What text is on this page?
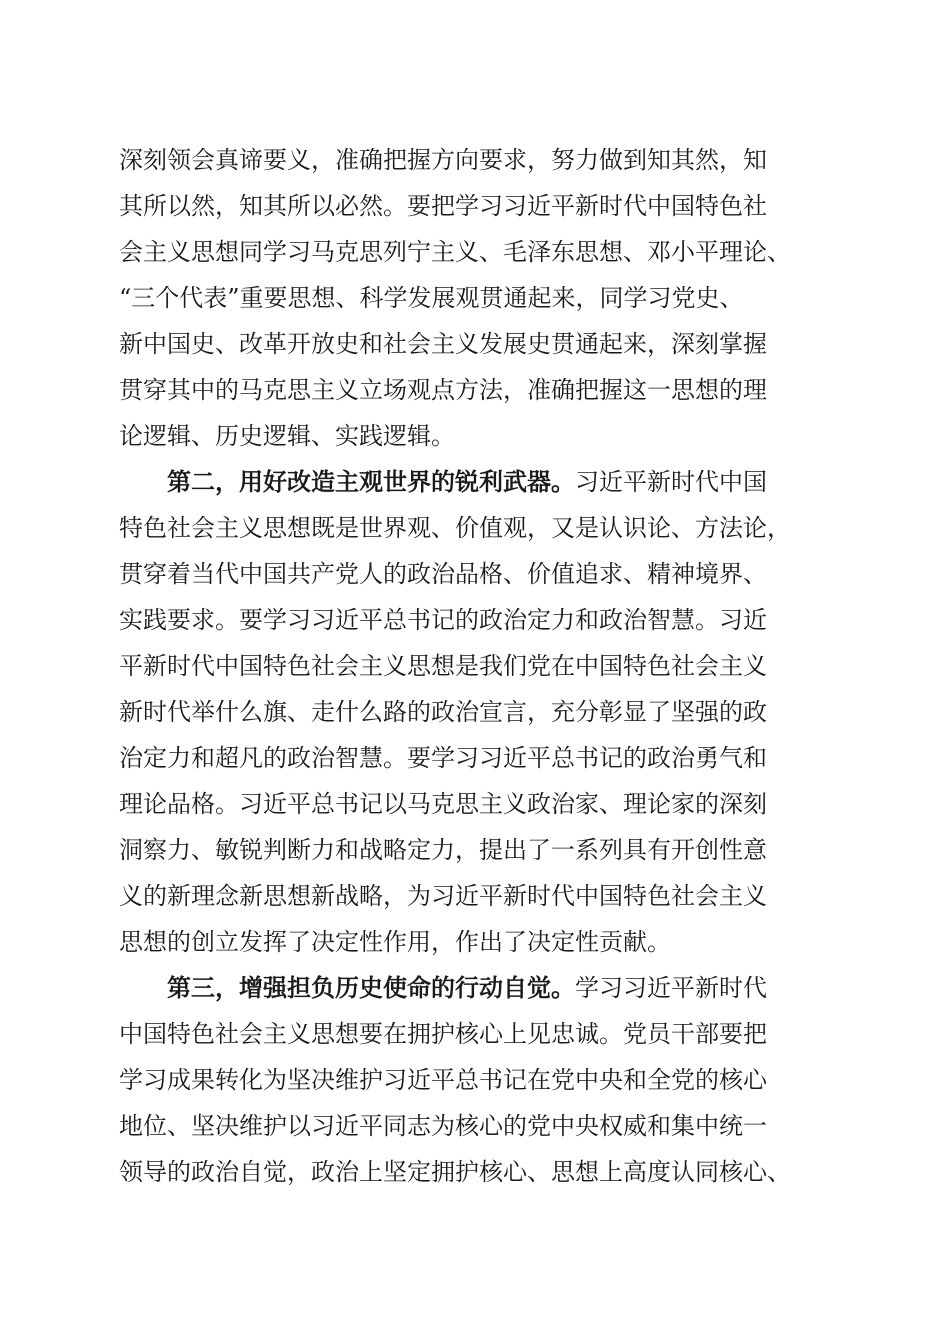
深刻领会真谛要义，准确把握方向要求，努力做到知其然，知
其所以然，知其所以必然。要把学习习近平新时代中国特色社
会主义思想同学习马克思列宁主义、毛泽东思想、邓小平理论、
“三个代表”重要思想、科学发展观贯通起来，同学习党史、
新中国史、改革开放史和社会主义发展史贯通起来，深刻掌握
贯穿其中的马克思主义立场观点方法，准确把握这一思想的理
论逻辑、历史逻辑、实践逻辑。
第二，用好改造主观世界的锐利武器。习近平新时代中国
特色社会主义思想既是世界观、价值观，又是认识论、方法论，
贯穿着当代中国共产党人的政治品格、价值追求、精神境界、
实践要求。要学习习近平总书记的政治定力和政治智慧。习近
平新时代中国特色社会主义思想是我们党在中国特色社会主义
新时代举什么旗、走什么路的政治宣言，充分彰显了坚强的政
治定力和超凡的政治智慧。要学习习近平总书记的政治勇气和
理论品格。习近平总书记以马克思主义政治家、理论家的深刻
洞察力、敏锐判断力和战略定力，提出了一系列具有开创性意
义的新理念新思想新战略，为习近平新时代中国特色社会主义
思想的创立发挥了决定性作用，作出了决定性贡献。
第三，增强担负历史使命的行动自觉。学习习近平新时代
中国特色社会主义思想要在拥护核心上见忠诚。党员干部要把
学习成果转化为坚决维护习近平总书记在党中央和全党的核心
地位、坚决维护以习近平同志为核心的党中央权威和集中统一
领导的政治自觉，政治上坚定拥护核心、思想上高度认同核心、
